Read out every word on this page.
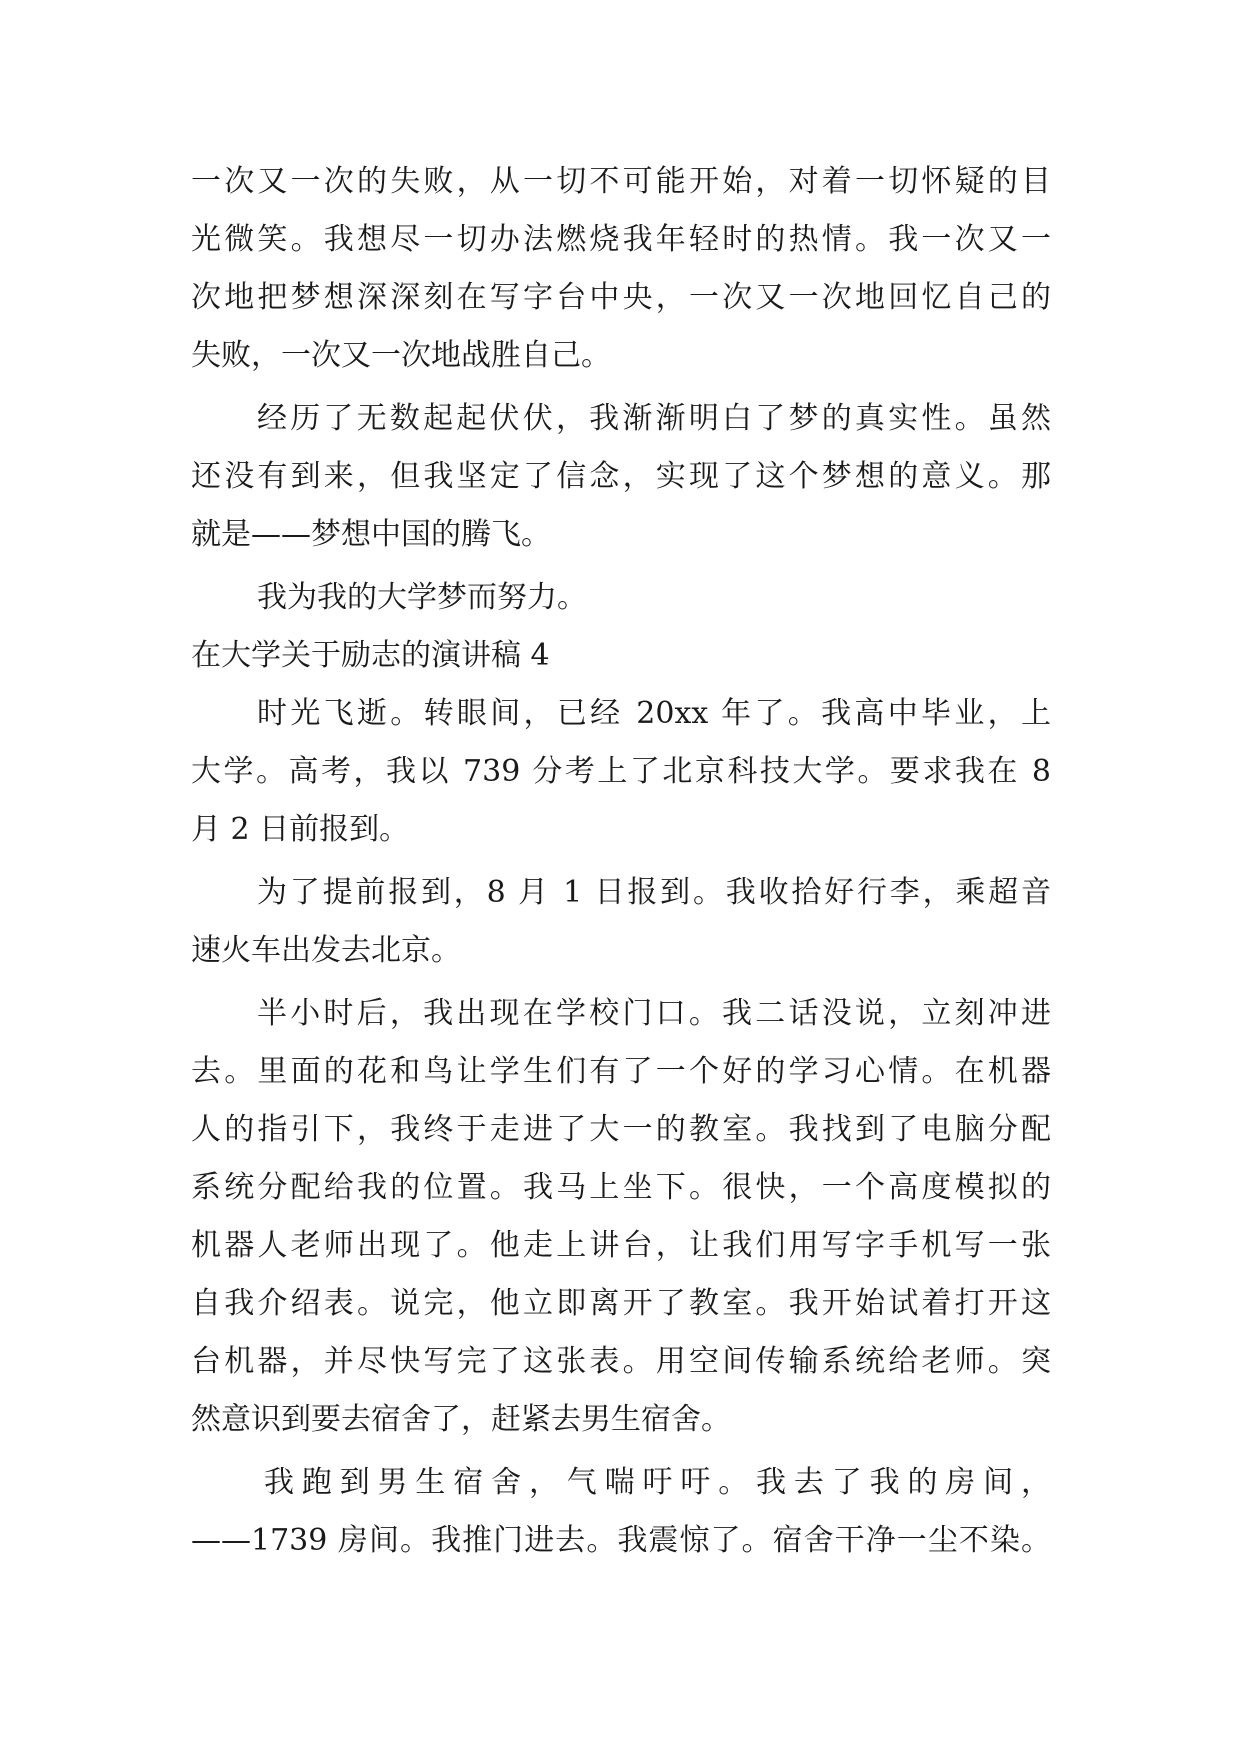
一次又一次的失败，从一切不可能开始，对着一切怀疑的目
光微笑。我想尽一切办法燃烧我年轻时的热情。我一次又一
次地把梦想深深刻在写字台中央，一次又一次地回忆自己的
失败，一次又一次地战胜自己。
经历了无数起起伏伏，我渐渐明白了梦的真实性。虽然
还没有到来，但我坚定了信念，实现了这个梦想的意义。那
就是——梦想中国的腾飞。
我为我的大学梦而努力。
在大学关于励志的演讲稿 4
时光飞逝。转眼间，已经 20xx 年了。我高中毕业，上
大学。高考，我以 739 分考上了北京科技大学。要求我在 8
月 2 日前报到。
为了提前报到，8 月 1 日报到。我收拾好行李，乘超音
速火车出发去北京。
半小时后，我出现在学校门口。我二话没说，立刻冲进
去。里面的花和鸟让学生们有了一个好的学习心情。在机器
人的指引下，我终于走进了大一的教室。我找到了电脑分配
系统分配给我的位置。我马上坐下。很快，一个高度模拟的
机器人老师出现了。他走上讲台，让我们用写字手机写一张
自我介绍表。说完，他立即离开了教室。我开始试着打开这
台机器，并尽快写完了这张表。用空间传输系统给老师。突
然意识到要去宿舍了，赶紧去男生宿舍。
我跑到男生宿舍，气喘吁吁。我去了我的房间，
——1739 房间。我推门进去。我震惊了。宿舍干净一尘不染。
